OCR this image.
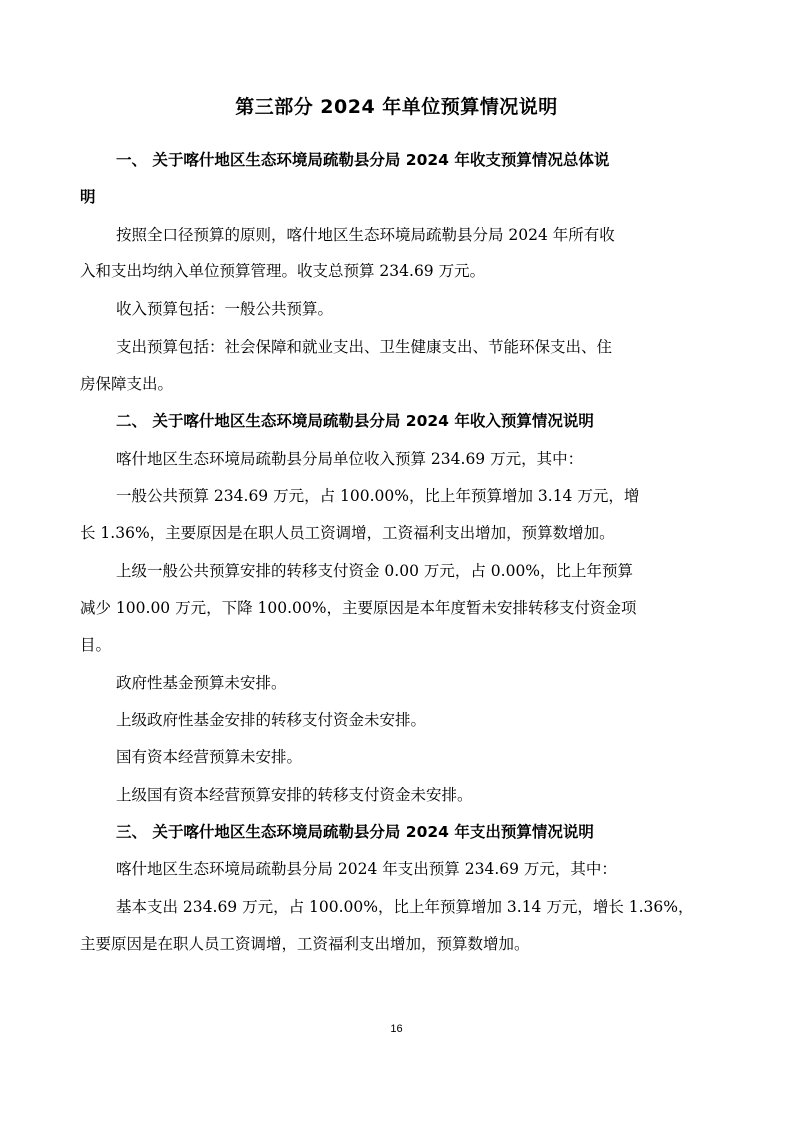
第三部分 2024 年单位预算情况说明
一、 关于喀什地区生态环境局疏勒县分局 2024 年收支预算情况总体说
明
按照全口径预算的原则，喀什地区生态环境局疏勒县分局 2024 年所有收
入和支出均纳入单位预算管理。收支总预算 234.69 万元。
收入预算包括：一般公共预算。
支出预算包括：社会保障和就业支出、卫生健康支出、节能环保支出、住
房保障支出。
二、 关于喀什地区生态环境局疏勒县分局 2024 年收入预算情况说明
喀什地区生态环境局疏勒县分局单位收入预算 234.69 万元，其中：
一般公共预算 234.69 万元，占 100.00%，比上年预算增加 3.14 万元，增
长 1.36%，主要原因是在职人员工资调增，工资福利支出增加，预算数增加。
上级一般公共预算安排的转移支付资金 0.00 万元，占 0.00%，比上年预算
减少 100.00 万元，下降 100.00%，主要原因是本年度暂未安排转移支付资金项
目。
政府性基金预算未安排。
上级政府性基金安排的转移支付资金未安排。
国有资本经营预算未安排。
上级国有资本经营预算安排的转移支付资金未安排。
三、 关于喀什地区生态环境局疏勒县分局 2024 年支出预算情况说明
喀什地区生态环境局疏勒县分局 2024 年支出预算 234.69 万元，其中：
基本支出 234.69 万元，占 100.00%，比上年预算增加 3.14 万元，增长 1.36%，
主要原因是在职人员工资调增，工资福利支出增加，预算数增加。
16
